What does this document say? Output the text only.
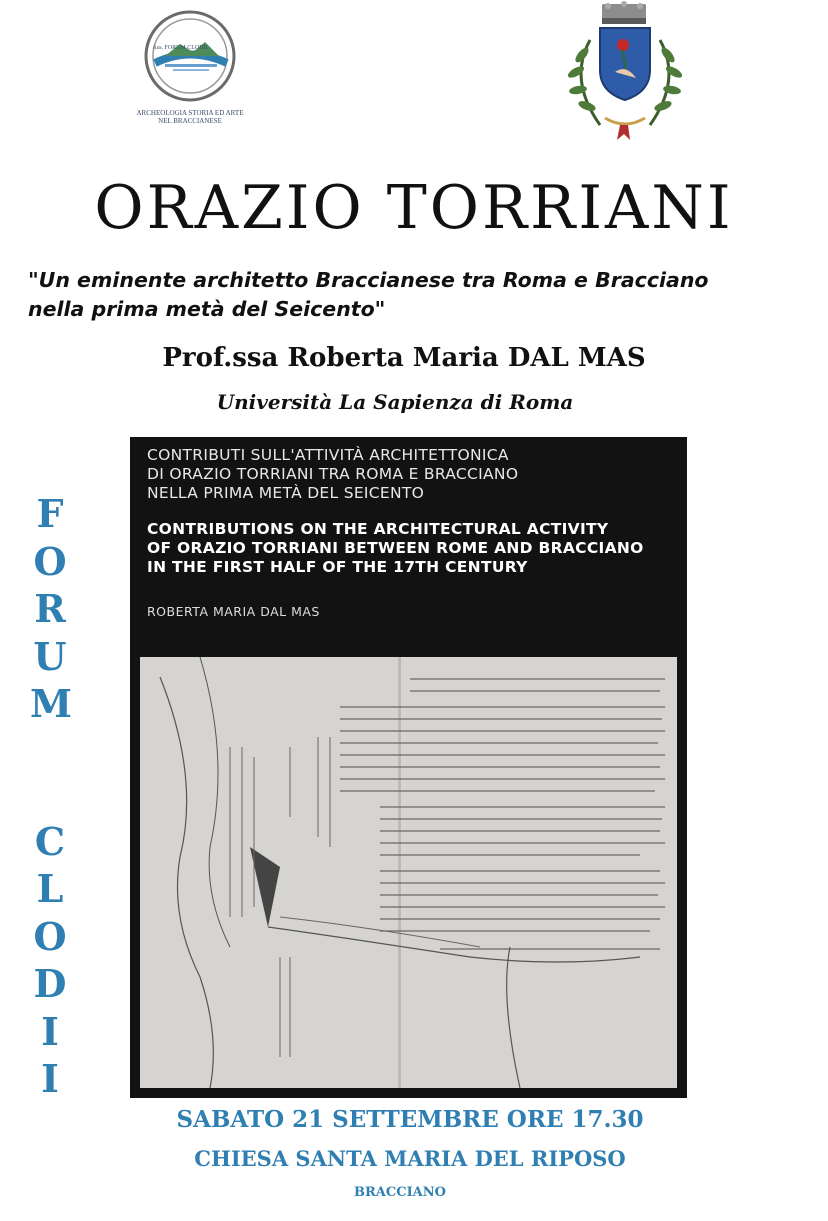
Ass. FORUM CLODII
ARCHEOLOGIA STORIA ED ARTE
NEL BRACCIANESE
ORAZIO TORRIANI
"Un eminente architetto Braccianese tra Roma e Bracciano
nella prima metà del Seicento"
Prof.ssa Roberta Maria DAL MAS
Università La Sapienza di Roma
F
O
R
U
M
C
L
O
D
I
I
CONTRIBUTI SULL'ATTIVITÀ ARCHITETTONICA
DI ORAZIO TORRIANI TRA ROMA E BRACCIANO
NELLA PRIMA METÀ DEL SEICENTO
CONTRIBUTIONS ON THE ARCHITECTURAL ACTIVITY
OF ORAZIO TORRIANI BETWEEN ROME AND BRACCIANO
IN THE FIRST HALF OF THE 17TH CENTURY
ROBERTA MARIA DAL MAS
SABATO 21 SETTEMBRE ORE 17.30
CHIESA SANTA MARIA DEL RIPOSO
BRACCIANO
